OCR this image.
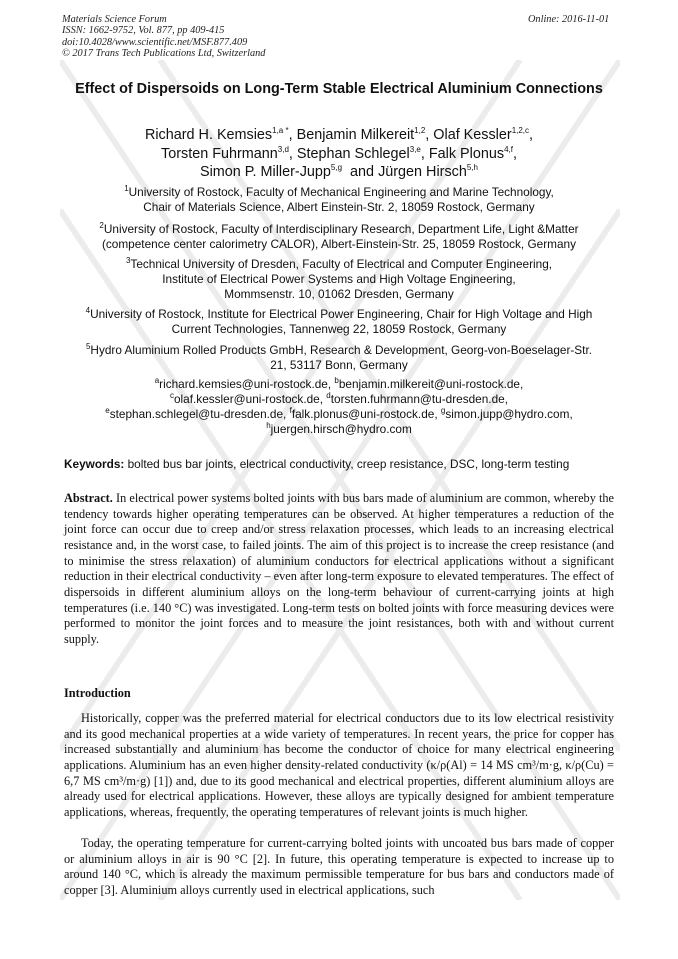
Materials Science Forum
ISSN: 1662-9752, Vol. 877, pp 409-415
doi:10.4028/www.scientific.net/MSF.877.409
© 2017 Trans Tech Publications Ltd, Switzerland
Online: 2016-11-01
Effect of Dispersoids on Long-Term Stable Electrical Aluminium Connections
Richard H. Kemsies$^{1,a *}$, Benjamin Milkereit$^{1,2}$, Olaf Kessler$^{1,2,c}$,
Torsten Fuhrmann$^{3,d}$, Stephan Schlegel$^{3,e}$, Falk Plonus$^{4,f}$,
Simon P. Miller-Jupp$^{5,g}$  and Jürgen Hirsch$^{5,h}$
$^1$University of Rostock, Faculty of Mechanical Engineering and Marine Technology,
Chair of Materials Science, Albert Einstein-Str. 2, 18059 Rostock, Germany
$^2$University of Rostock, Faculty of Interdisciplinary Research, Department Life, Light &Matter
(competence center calorimetry CALOR), Albert-Einstein-Str. 25, 18059 Rostock, Germany
$^3$Technical University of Dresden, Faculty of Electrical and Computer Engineering,
Institute of Electrical Power Systems and High Voltage Engineering,
Mommsenstr. 10, 01062 Dresden, Germany
$^4$University of Rostock, Institute for Electrical Power Engineering, Chair for High Voltage and High
Current Technologies, Tannenweg 22, 18059 Rostock, Germany
$^5$Hydro Aluminium Rolled Products GmbH, Research & Development, Georg-von-Boeselager-Str.
21, 53117 Bonn, Germany
$^a$richard.kemsies@uni-rostock.de, $^b$benjamin.milkereit@uni-rostock.de,
$^c$olaf.kessler@uni-rostock.de, $^d$torsten.fuhrmann@tu-dresden.de,
$^e$stephan.schlegel@tu-dresden.de, $^f$falk.plonus@uni-rostock.de, $^g$simon.jupp@hydro.com,
$^h$juergen.hirsch@hydro.com
Keywords: bolted bus bar joints, electrical conductivity, creep resistance, DSC, long-term testing
Abstract. In electrical power systems bolted joints with bus bars made of aluminium are common, whereby the tendency towards higher operating temperatures can be observed. At higher temperatures a reduction of the joint force can occur due to creep and/or stress relaxation processes, which leads to an increasing electrical resistance and, in the worst case, to failed joints. The aim of this project is to increase the creep resistance (and to minimise the stress relaxation) of aluminium conductors for electrical applications without a significant reduction in their electrical conductivity – even after long-term exposure to elevated temperatures. The effect of dispersoids in different aluminium alloys on the long-term behaviour of current-carrying joints at high temperatures (i.e. 140 °C) was investigated. Long-term tests on bolted joints with force measuring devices were performed to monitor the joint forces and to measure the joint resistances, both with and without current supply.
Introduction
Historically, copper was the preferred material for electrical conductors due to its low electrical resistivity and its good mechanical properties at a wide variety of temperatures. In recent years, the price for copper has increased substantially and aluminium has become the conductor of choice for many electrical engineering applications. Aluminium has an even higher density-related conductivity (κ/ρ(Al) = 14 MS cm³/m·g, κ/ρ(Cu) = 6,7 MS cm³/m·g) [1]) and, due to its good mechanical and electrical properties, different aluminium alloys are already used for electrical applications. However, these alloys are typically designed for ambient temperature applications, whereas, frequently, the operating temperatures of relevant joints is much higher.
Today, the operating temperature for current-carrying bolted joints with uncoated bus bars made of copper or aluminium alloys in air is 90 °C [2]. In future, this operating temperature is expected to increase up to around 140 °C, which is already the maximum permissible temperature for bus bars and conductors made of copper [3]. Aluminium alloys currently used in electrical applications, such
